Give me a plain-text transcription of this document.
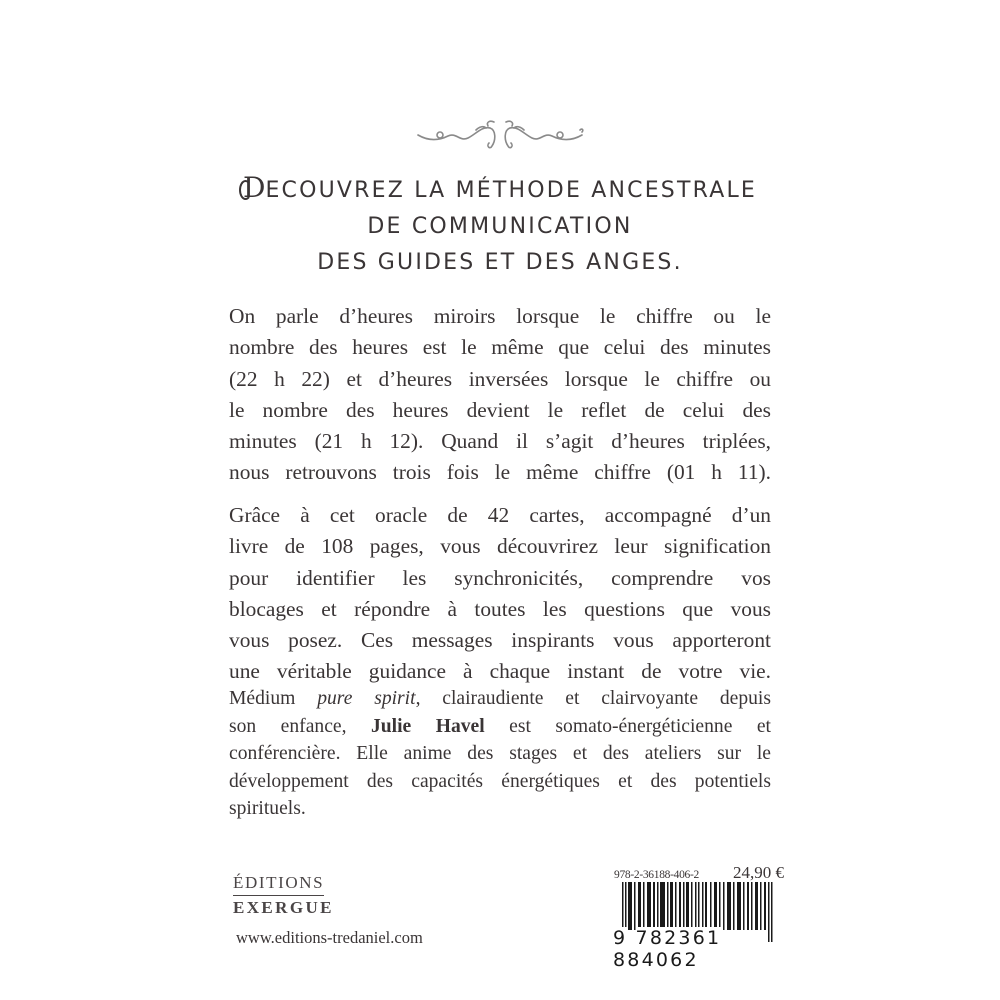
DECOUVREZ LA MÉTHODE ANCESTRALE
DE COMMUNICATION
DES GUIDES ET DES ANGES.
On parle d’heures miroirs lorsque le chiffre ou le
nombre des heures est le même que celui des minutes
(22 h 22) et d’heures inversées lorsque le chiffre ou
le nombre des heures devient le reflet de celui des
minutes (21 h 12). Quand il s’agit d’heures triplées,
nous retrouvons trois fois le même chiffre (01 h 11).
Grâce à cet oracle de 42 cartes, accompagné d’un
livre de 108 pages, vous découvrirez leur signification
pour identifier les synchronicités, comprendre vos
blocages et répondre à toutes les questions que vous
vous posez. Ces messages inspirants vous apporteront
une véritable guidance à chaque instant de votre vie.
Médium pure spirit, clairaudiente et clairvoyante depuis
son enfance, Julie Havel est somato-énergéticienne et
conférencière. Elle anime des stages et des ateliers sur le
développement des capacités énergétiques et des potentiels
spirituels.
ÉDITIONS
EXERGUE
www.editions-tredaniel.com
978-2-36188-406-2 24,90 €
9 782361 884062
